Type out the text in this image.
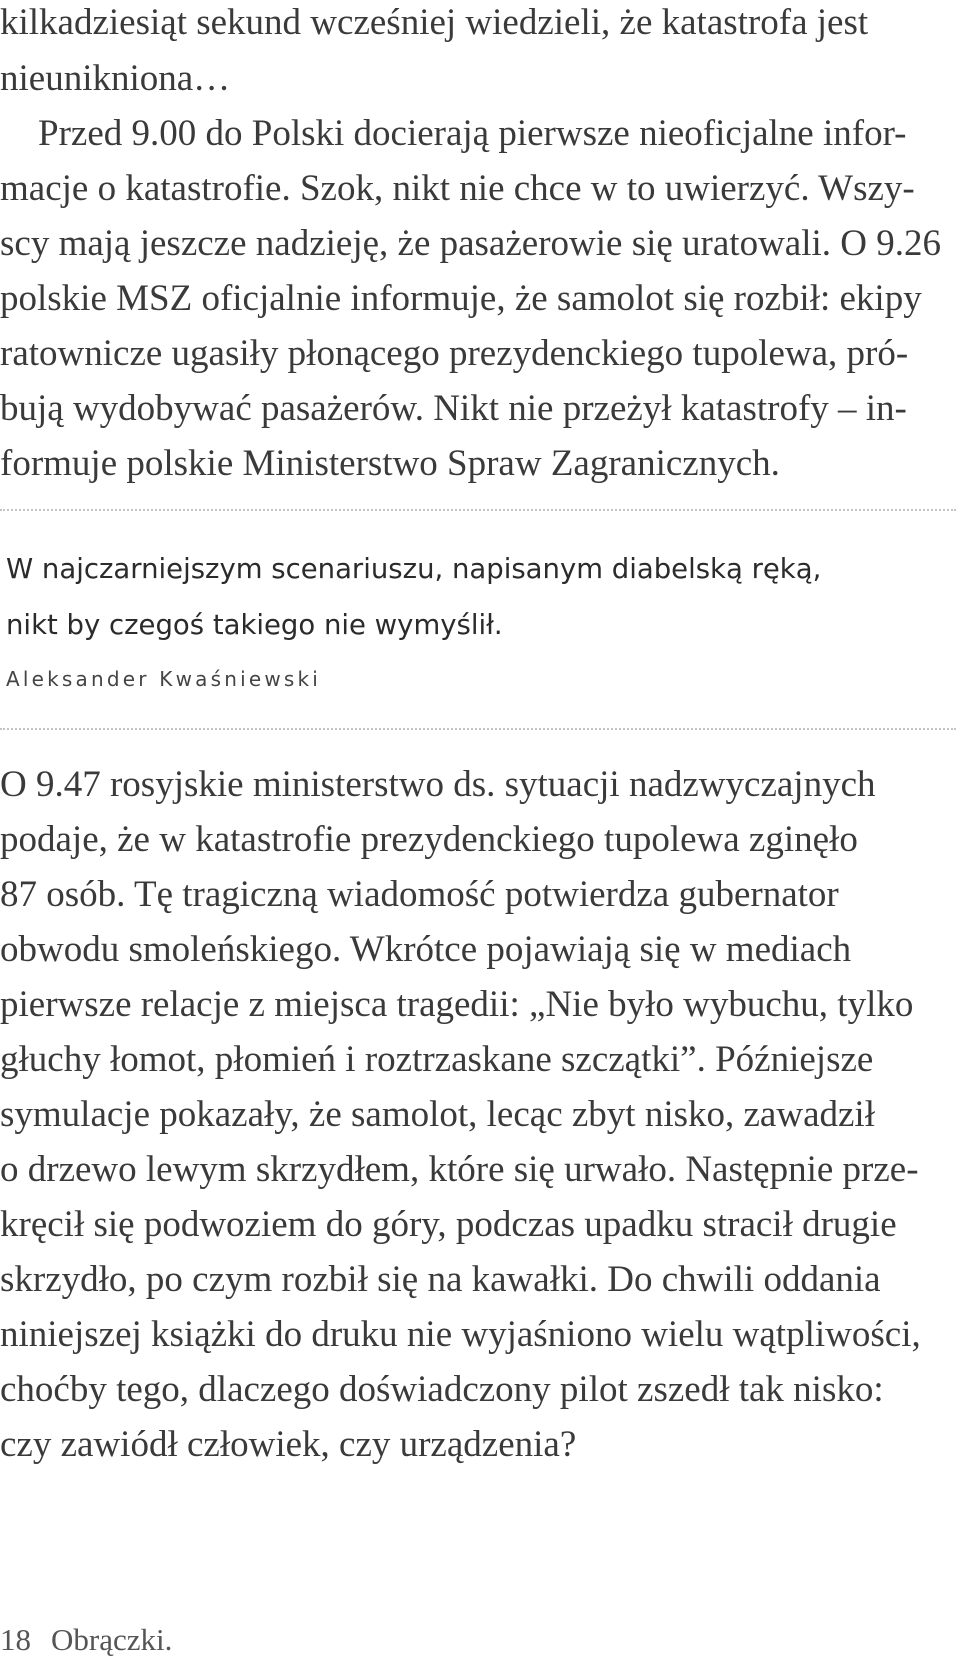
kilkadziesiąt sekund wcześniej wiedzieli, że katastrofa jest
nieuniknionа…
Przed 9.00 do Polski docierają pierwsze nieoficjalne infor-
macje o katastrofie. Szok, nikt nie chce w to uwierzyć. Wszy-
scy mają jeszcze nadzieję, że pasażerowie się uratowali. O 9.26
polskie MSZ oficjalnie informuje, że samolot się rozbił: ekipy
ratownicze ugasiły płonącego prezydenckiego tupolewa, pró-
bują wydobywać pasażerów. Nikt nie przeżył katastrofy – in-
formuje polskie Ministerstwo Spraw Zagranicznych.
W najczarniejszym scenariuszu, napisanym diabelską ręką,
nikt by czegoś takiego nie wymyślił.
Aleksander Kwaśniewski
O 9.47 rosyjskie ministerstwo ds. sytuacji nadzwyczajnych
podaje, że w katastrofie prezydenckiego tupolewa zginęło
87 osób. Tę tragiczną wiadomość potwierdza gubernator
obwodu smoleńskiego. Wkrótce pojawiają się w mediach
pierwsze relacje z miejsca tragedii: „Nie było wybuchu, tylko
głuchy łomot, płomień i roztrzaskane szczątki”. Późniejsze
symulacje pokazały, że samolot, lecąc zbyt nisko, zawadził
o drzewo lewym skrzydłem, które się urwało. Następnie prze-
kręcił się podwoziem do góry, podczas upadku stracił drugie
skrzydło, po czym rozbił się na kawałki. Do chwili oddania
niniejszej książki do druku nie wyjaśniono wielu wątpliwości,
choćby tego, dlaczego doświadczony pilot zszedł tak nisko:
czy zawiódł człowiek, czy urządzenia?
18 Obrączki.
